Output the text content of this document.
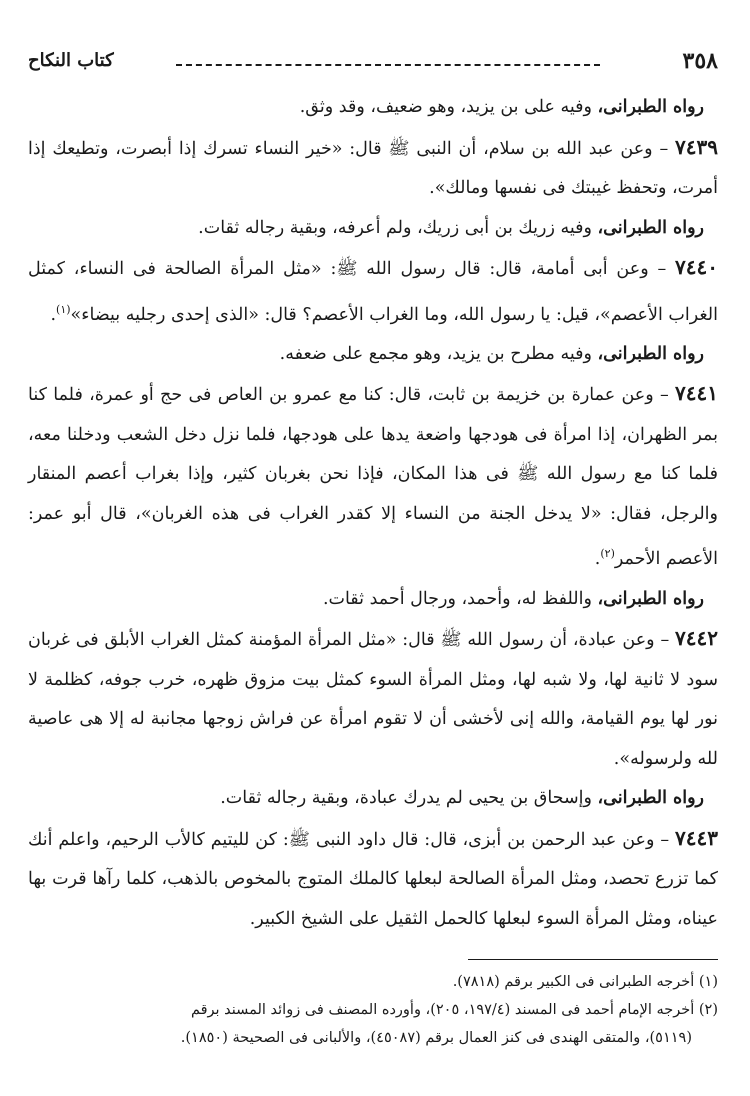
٣٥٨
كتاب النكاح

رواه الطبرانى، وفيه على بن يزيد، وهو ضعيف، وقد وثق.

٧٤٣٩ – وعن عبد الله بن سلام، أن النبى ﷺ قال: «خير النساء تسرك إذا أبصرت، وتطيعك إذا أمرت، وتحفظ غيبتك فى نفسها ومالك».

رواه الطبرانى، وفيه زريك بن أبى زريك، ولم أعرفه، وبقية رجاله ثقات.

٧٤٤٠ – وعن أبى أمامة، قال: قال رسول الله ﷺ: «مثل المرأة الصالحة فى النساء، كمثل الغراب الأعصم»، قيل: يا رسول الله، وما الغراب الأعصم؟ قال: «الذى إحدى رجليه بيضاء»$^{(١)}$.

رواه الطبرانى، وفيه مطرح بن يزيد، وهو مجمع على ضعفه.

٧٤٤١ – وعن عمارة بن خزيمة بن ثابت، قال: كنا مع عمرو بن العاص فى حج أو عمرة، فلما كنا بمر الظهران، إذا امرأة فى هودجها واضعة يدها على هودجها، فلما نزل دخل الشعب ودخلنا معه، فلما كنا مع رسول الله ﷺ فى هذا المكان، فإذا نحن بغربان كثير، وإذا بغراب أعصم المنقار والرجل، فقال: «لا يدخل الجنة من النساء إلا كقدر الغراب فى هذه الغربان»، قال أبو عمر: الأعصم الأحمر$^{(٢)}$.

رواه الطبرانى، واللفظ له، وأحمد، ورجال أحمد ثقات.

٧٤٤٢ – وعن عبادة، أن رسول الله ﷺ قال: «مثل المرأة المؤمنة كمثل الغراب الأبلق فى غربان سود لا ثانية لها، ولا شبه لها، ومثل المرأة السوء كمثل بيت مزوق ظهره، خرب جوفه، كظلمة لا نور لها يوم القيامة، والله إنى لأخشى أن لا تقوم امرأة عن فراش زوجها مجانبة له إلا هى عاصية لله ولرسوله».

رواه الطبرانى، وإسحاق بن يحيى لم يدرك عبادة، وبقية رجاله ثقات.

٧٤٤٣ – وعن عبد الرحمن بن أبزى، قال: قال داود النبى ﷺ: كن لليتيم كالأب الرحيم، واعلم أنك كما تزرع تحصد، ومثل المرأة الصالحة لبعلها كالملك المتوج بالمخوص بالذهب، كلما رآها قرت بها عيناه، ومثل المرأة السوء لبعلها كالحمل الثقيل على الشيخ الكبير.

(١) أخرجه الطبرانى فى الكبير برقم (٧٨١٨).

(٢) أخرجه الإمام أحمد فى المسند (١٩٧/٤، ٢٠٥)، وأورده المصنف فى زوائد المسند برقم

(٥١١٩)، والمتقى الهندى فى كنز العمال برقم (٤٥٠٨٧)، والألبانى فى الصحيحة (١٨٥٠).
